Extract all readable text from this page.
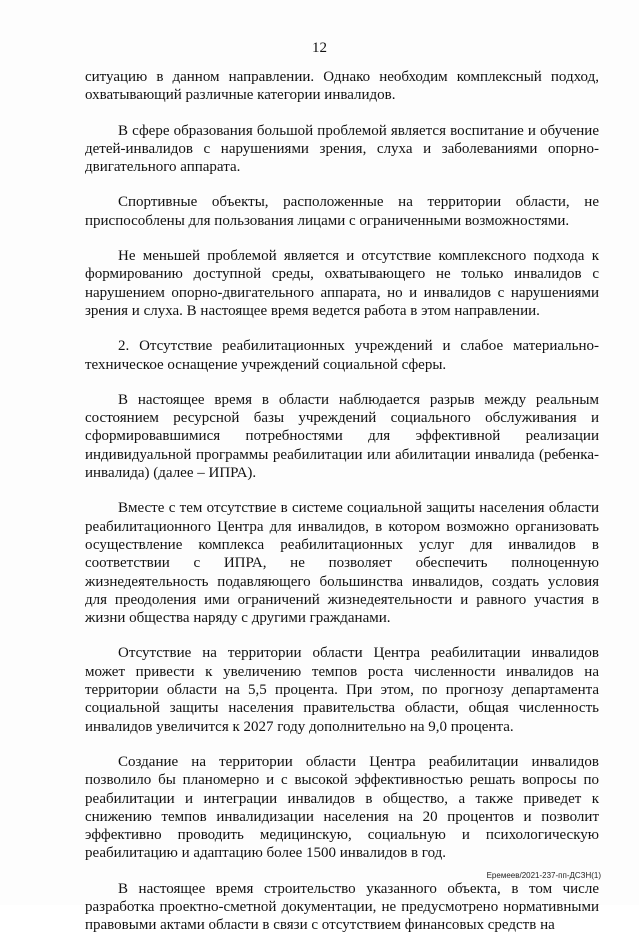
12

ситуацию в данном направлении. Однако необходим комплексный подход, охватывающий различные категории инвалидов.

В сфере образования большой проблемой является воспитание и обучение детей-инвалидов с нарушениями зрения, слуха и заболеваниями опорно-двигательного аппарата.

Спортивные объекты, расположенные на территории области, не приспособлены для пользования лицами с ограниченными возможностями.

Не меньшей проблемой является и отсутствие комплексного подхода к формированию доступной среды, охватывающего не только инвалидов с нарушением опорно-двигательного аппарата, но и инвалидов с нарушениями зрения и слуха. В настоящее время ведется работа в этом направлении.

2. Отсутствие реабилитационных учреждений и слабое материально-техническое оснащение учреждений социальной сферы.

В настоящее время в области наблюдается разрыв между реальным состоянием ресурсной базы учреждений социального обслуживания и сформировавшимися потребностями для эффективной реализации индивидуальной программы реабилитации или абилитации инвалида (ребенка-инвалида) (далее – ИПРА).

Вместе с тем отсутствие в системе социальной защиты населения области реабилитационного Центра для инвалидов, в котором возможно организовать осуществление комплекса реабилитационных услуг для инвалидов в соответствии с ИПРА, не позволяет обеспечить полноценную жизнедеятельность подавляющего большинства инвалидов, создать условия для преодоления ими ограничений жизнедеятельности и равного участия в жизни общества наряду с другими гражданами.

Отсутствие на территории области Центра реабилитации инвалидов может привести к увеличению темпов роста численности инвалидов на территории области на 5,5 процента. При этом, по прогнозу департамента социальной защиты населения правительства области, общая численность инвалидов увеличится к 2027 году дополнительно на 9,0 процента.

Создание на территории области Центра реабилитации инвалидов позволило бы планомерно и с высокой эффективностью решать вопросы по реабилитации и интеграции инвалидов в общество, а также приведет к снижению темпов инвалидизации населения на 20 процентов и позволит эффективно проводить медицинскую, социальную и психологическую реабилитацию и адаптацию более 1500 инвалидов в год.

В настоящее время строительство указанного объекта, в том числе разработка проектно-сметной документации, не предусмотрено нормативными правовыми актами области в связи с отсутствием финансовых средств на

Еремеев/2021-237-пп-ДСЗН(1)
